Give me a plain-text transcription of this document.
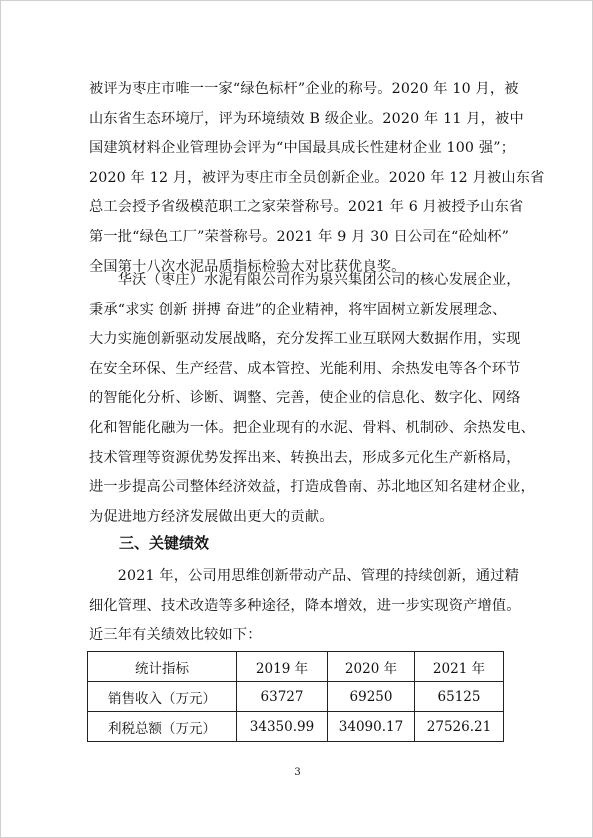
被评为枣庄市唯一一家“绿色标杆”企业的称号。2020 年 10 月，被
山东省生态环境厅，评为环境绩效 B 级企业。2020 年 11 月，被中
国建筑材料企业管理协会评为“中国最具成长性建材企业 100 强”；
2020 年 12 月，被评为枣庄市全员创新企业。2020 年 12 月被山东省
总工会授予省级模范职工之家荣誉称号。2021 年 6 月被授予山东省
第一批“绿色工厂”荣誉称号。2021 年 9 月 30 日公司在“砼灿杯”
全国第十八次水泥品质指标检验大对比获优良奖。
　　华沃（枣庄）水泥有限公司作为泉兴集团公司的核心发展企业，
秉承“求实 创新 拼搏 奋进”的企业精神，将牢固树立新发展理念、
大力实施创新驱动发展战略，充分发挥工业互联网大数据作用，实现
在安全环保、生产经营、成本管控、光能利用、余热发电等各个环节
的智能化分析、诊断、调整、完善，使企业的信息化、数字化、网络
化和智能化融为一体。把企业现有的水泥、骨料、机制砂、余热发电、
技术管理等资源优势发挥出来、转换出去，形成多元化生产新格局，
进一步提高公司整体经济效益，打造成鲁南、苏北地区知名建材企业，
为促进地方经济发展做出更大的贡献。
三、关键绩效
　　2021 年，公司用思维创新带动产品、管理的持续创新，通过精
细化管理、技术改造等多种途径，降本增效，进一步实现资产增值。
近三年有关绩效比较如下：
统计指标	2019 年	2020 年	2021 年
销售收入（万元）	63727	69250	65125
利税总额（万元）	34350.99	34090.17	27526.21
3
